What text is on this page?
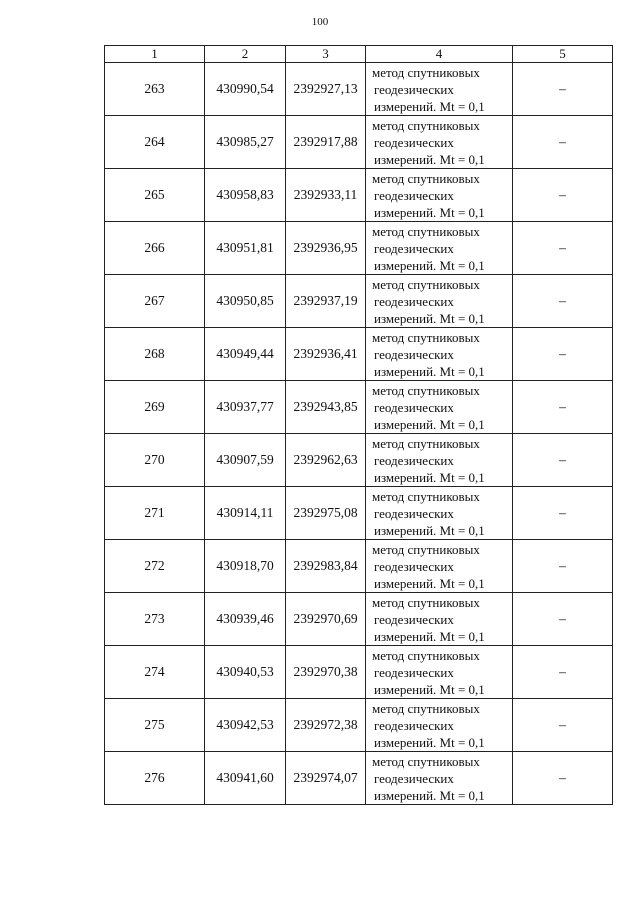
100
1	2	3	4	5
263	430990,54	2392927,13	метод спутниковых
геодезических
измерений. Mt = 0,1	–
264	430985,27	2392917,88	метод спутниковых
геодезических
измерений. Mt = 0,1	–
265	430958,83	2392933,11	метод спутниковых
геодезических
измерений. Mt = 0,1	–
266	430951,81	2392936,95	метод спутниковых
геодезических
измерений. Mt = 0,1	–
267	430950,85	2392937,19	метод спутниковых
геодезических
измерений. Mt = 0,1	–
268	430949,44	2392936,41	метод спутниковых
геодезических
измерений. Mt = 0,1	–
269	430937,77	2392943,85	метод спутниковых
геодезических
измерений. Mt = 0,1	–
270	430907,59	2392962,63	метод спутниковых
геодезических
измерений. Mt = 0,1	–
271	430914,11	2392975,08	метод спутниковых
геодезических
измерений. Mt = 0,1	–
272	430918,70	2392983,84	метод спутниковых
геодезических
измерений. Mt = 0,1	–
273	430939,46	2392970,69	метод спутниковых
геодезических
измерений. Mt = 0,1	–
274	430940,53	2392970,38	метод спутниковых
геодезических
измерений. Mt = 0,1	–
275	430942,53	2392972,38	метод спутниковых
геодезических
измерений. Mt = 0,1	–
276	430941,60	2392974,07	метод спутниковых
геодезических
измерений. Mt = 0,1	–
